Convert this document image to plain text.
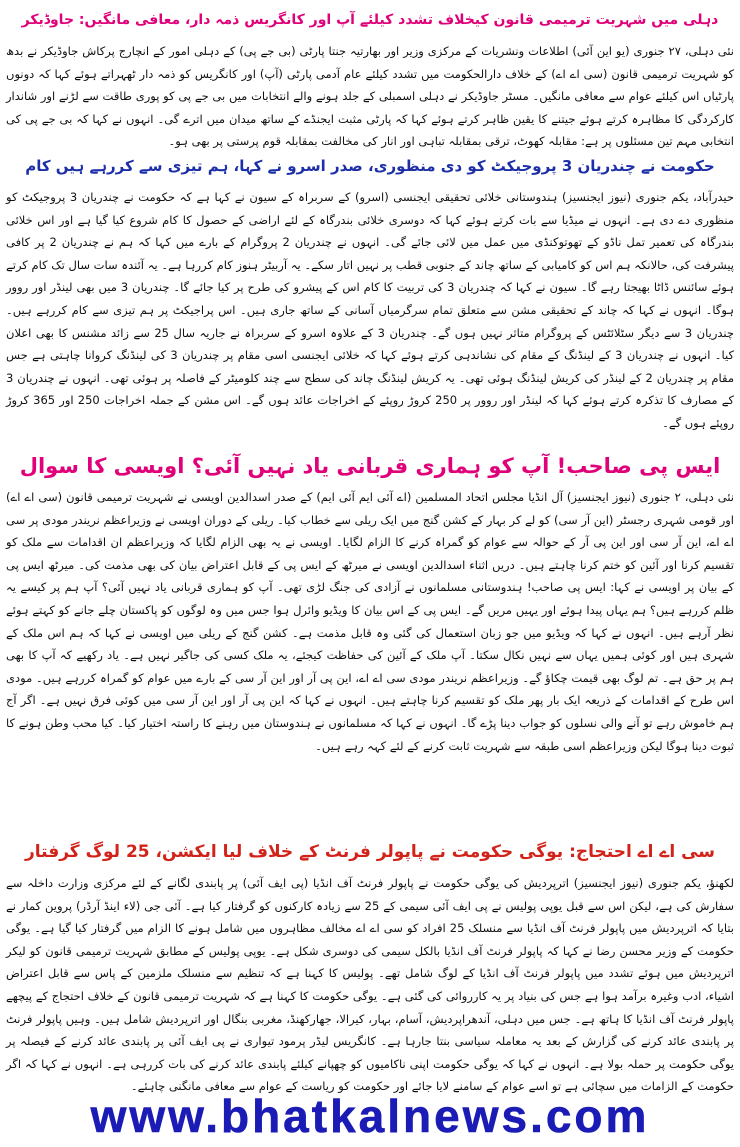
دہلی میں شہریت ترمیمی قانون کیخلاف تشدد کیلئے آپ اور کانگریس ذمہ دار، معافی مانگیں: جاوڈیکر

نئی دہلی، ۲۷ جنوری (یو این آئی) اطلاعات ونشریات کے مرکزی وزیر اور بھارتیہ جنتا پارٹی (بی جے پی) کے دہلی امور کے انچارج پرکاش جاوڈیکر نے بدھ کو شہریت ترمیمی قانون (سی اے اے) کے خلاف دارالحکومت میں تشدد کیلئے عام آدمی پارٹی (آپ) اور کانگریس کو ذمہ دار ٹھہراتے ہوئے کہا کہ دونوں پارٹیاں اس کیلئے عوام سے معافی مانگیں۔ مسٹر جاوڈیکر نے دہلی اسمبلی کے جلد ہونے والے انتخابات میں بی جے پی کو پوری طاقت سے لڑنے اور شاندار کارکردگی کا مظاہرہ کرتے ہوئے جیتنے کا یقین ظاہر کرتے ہوئے کہا کہ پارٹی مثبت ایجنڈے کے ساتھ میدان میں اترے گی۔ انہوں نے کہا کہ بی جے پی کی انتخابی مہم تین مسئلوں پر ہے: مقابلہ کھوٹ، ترقی بمقابلہ تباہی اور انار کی مخالفت بمقابلہ قوم پرستی پر بھی ہو۔

حکومت نے چندریان 3 پروجیکٹ کو دی منظوری، صدر اسرو نے کہا، ہم تیزی سے کررہے ہیں کام

حیدرآباد، یکم جنوری (نیوز ایجنسیز) ہندوستانی خلائی تحقیقی ایجنسی (اسرو) کے سربراہ کے سیون نے کہا ہے کہ حکومت نے چندریان 3 پروجیکٹ کو منظوری دے دی ہے۔ انہوں نے میڈیا سے بات کرتے ہوئے کہا کہ دوسری خلائی بندرگاہ کے لئے اراضی کے حصول کا کام شروع کیا گیا ہے اور اس خلائی بندرگاہ کی تعمیر تمل ناڈو کے تھوتوکنڈی میں عمل میں لائی جائے گی۔ انہوں نے چندریان 2 پروگرام کے بارے میں کہا کہ ہم نے چندریان 2 پر کافی پیشرفت کی، حالانکہ ہم اس کو کامیابی کے ساتھ چاند کے جنوبی قطب پر نہیں اتار سکے۔ یہ آربیٹر ہنوز کام کررہا ہے۔ یہ آئندہ سات سال تک کام کرتے ہوئے سائنس ڈاٹا بھیجتا رہے گا۔ سیون نے کہا کہ چندریان 3 کی تربیت کا کام اس کے پیشرو کی طرح پر کیا جائے گا۔ چندریان 3 میں بھی لینڈر اور روور ہوگا۔ انہوں نے کہا کہ چاند کے تحقیقی مشن سے متعلق تمام سرگرمیاں آسانی کے ساتھ جاری ہیں۔ اس پراجیکٹ پر ہم تیزی سے کام کررہے ہیں۔ چندریان 3 سے دیگر سٹلائٹس کے پروگرام متاثر نہیں ہوں گے۔ چندریان 3 کے علاوہ اسرو کے سربراہ نے جاریہ سال 25 سے زائد مشنس کا بھی اعلان کیا۔ انہوں نے چندریان 3 کے لینڈنگ کے مقام کی نشاندہی کرتے ہوئے کہا کہ خلائی ایجنسی اسی مقام پر چندریان 3 کی لینڈنگ کروانا چاہتی ہے جس مقام پر چندریان 2 کے لینڈر کی کریش لینڈنگ ہوئی تھی۔ یہ کریش لینڈنگ چاند کی سطح سے چند کلومیٹر کے فاصلہ پر ہوئی تھی۔ انہوں نے چندریان 3 کے مصارف کا تذکرہ کرتے ہوئے کہا کہ لینڈر اور روور پر 250 کروڑ روپئے کے اخراجات عائد ہوں گے۔ اس مشن کے جملہ اخراجات 250 اور 365 کروڑ روپئے ہوں گے۔

ایس پی صاحب! آپ کو ہماری قربانی یاد نہیں آئی؟ اویسی کا سوال

نئی دہلی، ۲ جنوری (نیوز ایجنسیز) آل انڈیا مجلس اتحاد المسلمین (اے آئی ایم آئی ایم) کے صدر اسدالدین اویسی نے شہریت ترمیمی قانون (سی اے اے) اور قومی شہری رجسٹر (این آر سی) کو لے کر بہار کے کشن گنج میں ایک ریلی سے خطاب کیا۔ ریلی کے دوران اویسی نے وزیراعظم نریندر مودی پر سی اے اے، این آر سی اور این پی آر کے حوالہ سے عوام کو گمراہ کرنے کا الزام لگایا۔ اویسی نے یہ بھی الزام لگایا کہ وزیراعظم ان اقدامات سے ملک کو تقسیم کرنا اور آئین کو ختم کرنا چاہتے ہیں۔ دریں اثناء اسدالدین اویسی نے میرٹھ کے ایس پی کے قابل اعتراض بیان کی بھی مذمت کی۔ میرٹھ ایس پی کے بیان پر اویسی نے کہا: ایس پی صاحب! ہندوستانی مسلمانوں نے آزادی کی جنگ لڑی تھی۔ آپ کو ہماری قربانی یاد نہیں آئی؟ آپ ہم پر کیسے یہ ظلم کررہے ہیں؟ ہم یہاں پیدا ہوئے اور یہیں مریں گے۔ ایس پی کے اس بیان کا ویڈیو وائرل ہوا جس میں وہ لوگوں کو پاکستان چلے جانے کو کہتے ہوئے نظر آرہے ہیں۔ انہوں نے کہا کہ ویڈیو میں جو زبان استعمال کی گئی وہ قابل مذمت ہے۔ کشن گنج کے ریلی میں اویسی نے کہا کہ ہم اس ملک کے شہری ہیں اور کوئی ہمیں یہاں سے نہیں نکال سکتا۔ آپ ملک کے آئین کی حفاظت کیجئے، یہ ملک کسی کی جاگیر نہیں ہے۔ یاد رکھیے کہ آپ کا بھی ہم پر حق ہے۔ تم لوگ بھی قیمت چکاؤ گے۔ وزیراعظم نریندر مودی سی اے اے، این پی آر اور این آر سی کے بارے میں عوام کو گمراہ کررہے ہیں۔ مودی اس طرح کے اقدامات کے ذریعہ ایک بار پھر ملک کو تقسیم کرنا چاہتے ہیں۔ انہوں نے کہا کہ این پی آر اور این آر سی میں کوئی فرق نہیں ہے۔ اگر آج ہم خاموش رہے تو آنے والی نسلوں کو جواب دینا پڑے گا۔ انہوں نے کہا کہ مسلمانوں نے ہندوستان میں رہنے کا راستہ اختیار کیا۔ کیا محب وطن ہونے کا ثبوت دینا ہوگا لیکن وزیراعظم اسی طبقہ سے شہریت ثابت کرنے کے لئے کہہ رہے ہیں۔

سی اے اے احتجاج: یوگی حکومت نے پاپولر فرنٹ کے خلاف لیا ایکشن، 25 لوگ گرفتار

لکھنؤ، یکم جنوری (نیوز ایجنسیز) اترپردیش کی یوگی حکومت نے پاپولر فرنٹ آف انڈیا (پی ایف آئی) پر پابندی لگانے کے لئے مرکزی وزارت داخلہ سے سفارش کی ہے، لیکن اس سے قبل یوپی پولیس نے پی ایف آئی سیمی کے 25 سے زیادہ کارکنوں کو گرفتار کیا ہے۔ آئی جی (لاء اینڈ آرڈر) پروین کمار نے بتایا کہ اترپردیش میں پاپولر فرنٹ آف انڈیا سے منسلک 25 افراد کو سی اے اے مخالف مظاہروں میں شامل ہونے کا الزام میں گرفتار کیا گیا ہے۔ یوگی حکومت کے وزیر محسن رضا نے کہا کہ پاپولر فرنٹ آف انڈیا بالکل سیمی کی دوسری شکل ہے۔ یوپی پولیس کے مطابق شہریت ترمیمی قانون کو لیکر اترپردیش میں ہوئے تشدد میں پاپولر فرنٹ آف انڈیا کے لوگ شامل تھے۔ پولیس کا کہنا ہے کہ تنظیم سے منسلک ملزمین کے پاس سے قابل اعتراض اشیاء، ادب وغیرہ برآمد ہوا ہے جس کی بنیاد پر یہ کارروائی کی گئی ہے۔ یوگی حکومت کا کہنا ہے کہ شہریت ترمیمی قانون کے خلاف احتجاج کے پیچھے پاپولر فرنٹ آف انڈیا کا ہاتھ ہے۔ جس میں دہلی، آندھراپردیش، آسام، بہار، کیرالا، جھارکھنڈ، مغربی بنگال اور اترپردیش شامل ہیں۔ وہیں پاپولر فرنٹ پر پابندی عائد کرنے کی گزارش کے بعد یہ معاملہ سیاسی بنتا جارہا ہے۔ کانگریس لیڈر پرمود تیواری نے پی ایف آئی پر پابندی عائد کرنے کے فیصلہ پر یوگی حکومت پر حملہ بولا ہے۔ انہوں نے کہا کہ یوگی حکومت اپنی ناکامیوں کو چھپانے کیلئے پابندی عائد کرنے کی بات کررہی ہے۔ انہوں نے کہا کہ اگر حکومت کے الزامات میں سچائی ہے تو اسے عوام کے سامنے لایا جائے اور حکومت کو ریاست کے عوام سے معافی مانگنی چاہئے۔

www.bhatkalnews.com
